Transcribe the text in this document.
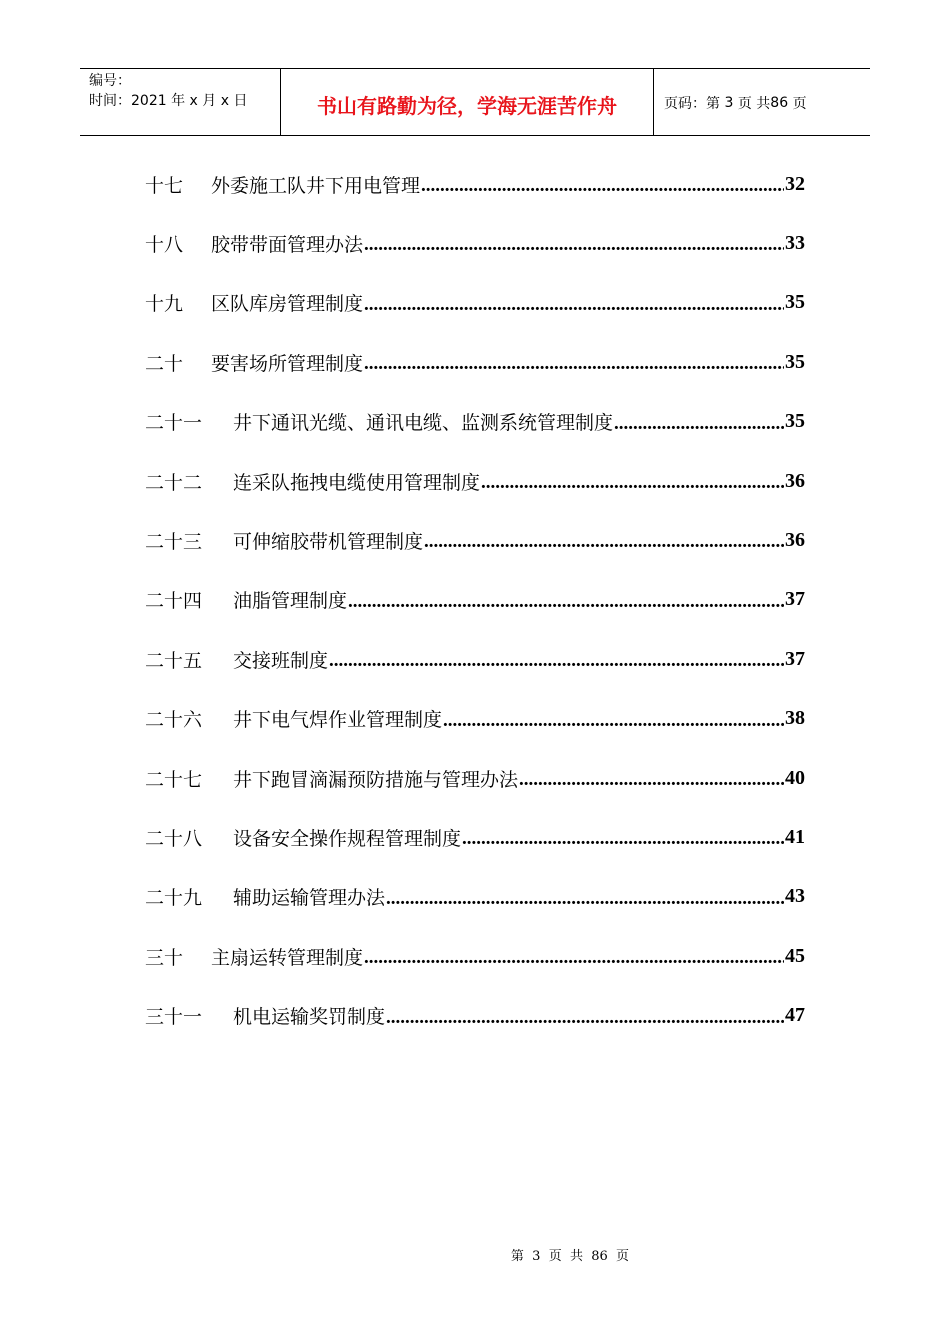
编号：
时间：2021 年 x 月 x 日	书山有路勤为径，学海无涯苦作舟	页码：第
3
页 共 86
页
十七	外委施工队井下用电管理 .....	32
十八	胶带带面管理办法 .....	33
十九	区队库房管理制度 .....	35
二十	要害场所管理制度 .....	35
二十一	井下通讯光缆、通讯电缆、监测系统管理制度 .....	35
二十二	连采队拖拽电缆使用管理制度 .....	36
二十三	可伸缩胶带机管理制度 .....	36
二十四	油脂管理制度 .....	37
二十五	交接班制度 .....	37
二十六	井下电气焊作业管理制度 .....	38
二十七	井下跑冒滴漏预防措施与管理办法 .....	40
二十八	设备安全操作规程管理制度 .....	41
二十九	辅助运输管理办法 .....	43
三十	主扇运转管理制度 .....	45
三十一	机电运输奖罚制度 .....	47
第  3  页  共  86  页
